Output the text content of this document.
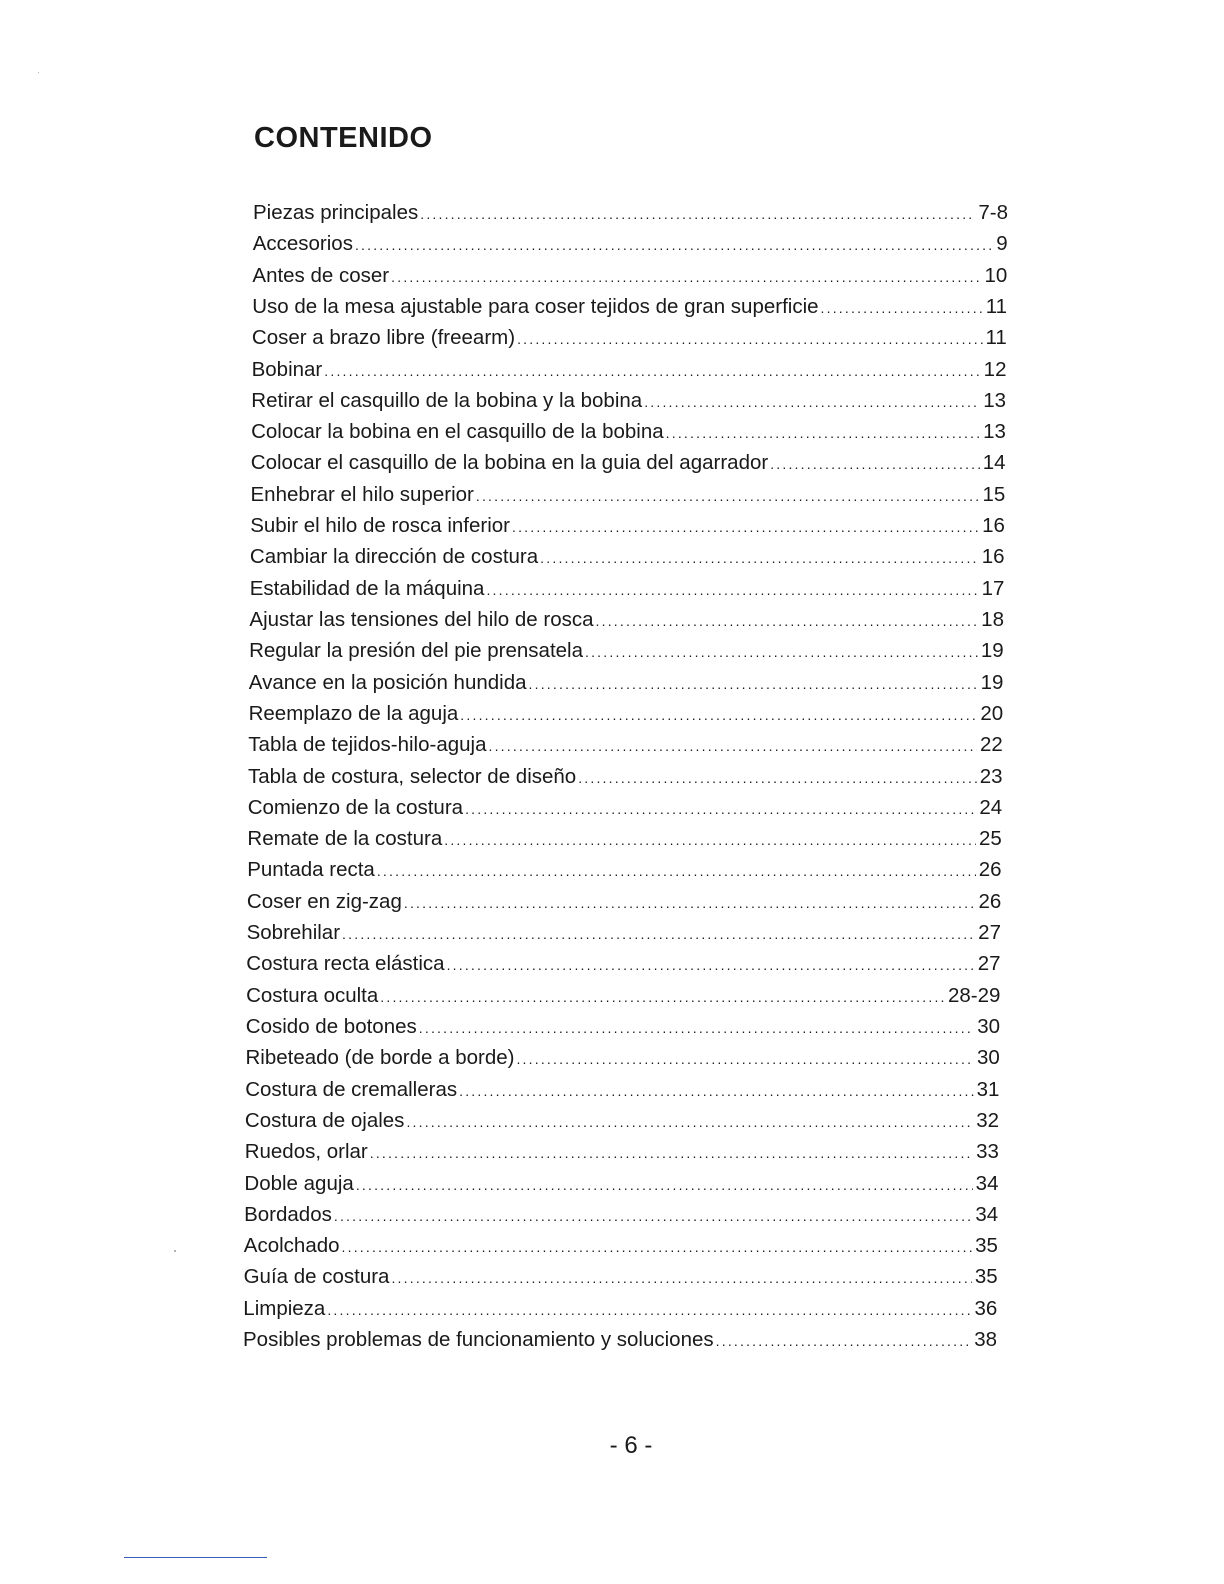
CONTENIDO
Piezas principales .....	7-8
Accesorios .....	9
Antes de coser .....	10
Uso de la mesa ajustable para coser tejidos de gran superficie .....	11
Coser a brazo libre (freearm) .....	11
Bobinar .....	12
Retirar el casquillo de la bobina y la bobina .....	13
Colocar la bobina en el casquillo de la bobina .....	13
Colocar el casquillo de la bobina en la guia del agarrador .....	14
Enhebrar el hilo superior .....	15
Subir el hilo de rosca inferior .....	16
Cambiar la dirección de costura .....	16
Estabilidad de la máquina .....	17
Ajustar las tensiones del hilo de rosca .....	18
Regular la presión del pie prensatela .....	19
Avance en la posición hundida .....	19
Reemplazo de la aguja .....	20
Tabla de tejidos-hilo-aguja .....	22
Tabla de costura, selector de diseño .....	23
Comienzo de la costura .....	24
Remate de la costura .....	25
Puntada recta .....	26
Coser en zig-zag .....	26
Sobrehilar .....	27
Costura recta elástica .....	27
Costura oculta .....	28-29
Cosido de botones .....	30
Ribeteado (de borde a borde) .....	30
Costura de cremalleras .....	31
Costura de ojales .....	32
Ruedos, orlar .....	33
Doble aguja .....	34
Bordados .....	34
Acolchado .....	35
Guía de costura .....	35
Limpieza .....	36
Posibles problemas de funcionamiento y soluciones .....	38
- 6 -
